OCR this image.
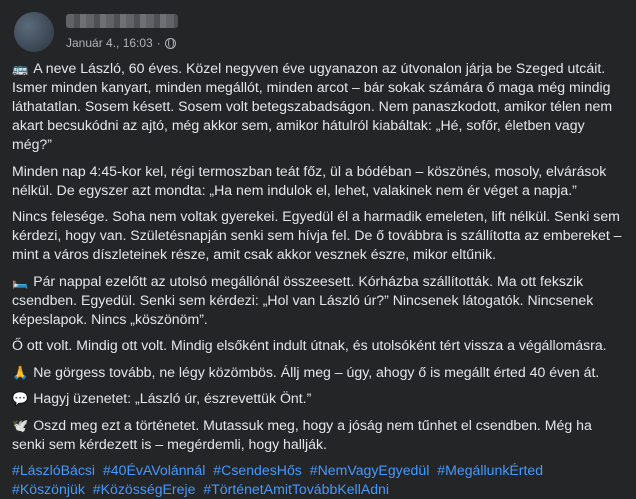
Január 4., 16:03 ·

🚌 A neve László, 60 éves. Közel negyven éve ugyanazon az útvonalon járja be Szeged utcáit. Ismer minden kanyart, minden megállót, minden arcot – bár sokak számára ő maga még mindig láthatatlan. Sosem késett. Sosem volt betegszabadságon. Nem panaszkodott, amikor télen nem akart becsukódni az ajtó, még akkor sem, amikor hátulról kiabáltak: „Hé, sofőr, életben vagy még?”

Minden nap 4:45-kor kel, régi termoszban teát főz, ül a bódéban – köszönés, mosoly, elvárások nélkül. De egyszer azt mondta: „Ha nem indulok el, lehet, valakinek nem ér véget a napja.”

Nincs felesége. Soha nem voltak gyerekei. Egyedül él a harmadik emeleten, lift nélkül. Senki sem kérdezi, hogy van. Születésnapján senki sem hívja fel. De ő továbbra is szállította az embereket – mint a város díszleteinek része, amit csak akkor vesznek észre, mikor eltűnik.

🛏️ Pár nappal ezelőtt az utolsó megállónál összeesett. Kórházba szállították. Ma ott fekszik csendben. Egyedül. Senki sem kérdezi: „Hol van László úr?” Nincsenek látogatók. Nincsenek képeslapok. Nincs „köszönöm”.

Ő ott volt. Mindig ott volt. Mindig elsőként indult útnak, és utolsóként tért vissza a végállomásra.

🙏 Ne görgess tovább, ne légy közömbös. Állj meg – úgy, ahogy ő is megállt érted 40 éven át.

💬 Hagyj üzenetet: „László úr, észrevettük Önt.”

🕊️ Oszd meg ezt a történetet. Mutassuk meg, hogy a jóság nem tűnhet el csendben. Még ha senki sem kérdezett is – megérdemli, hogy hallják.

#LászlóBácsi #40ÉvAVolánnál #CsendesHős #NemVagyEgyedül #MegállunkÉrted #Köszönjük #KözösségEreje #TörténetAmitTovábbKellAdni
